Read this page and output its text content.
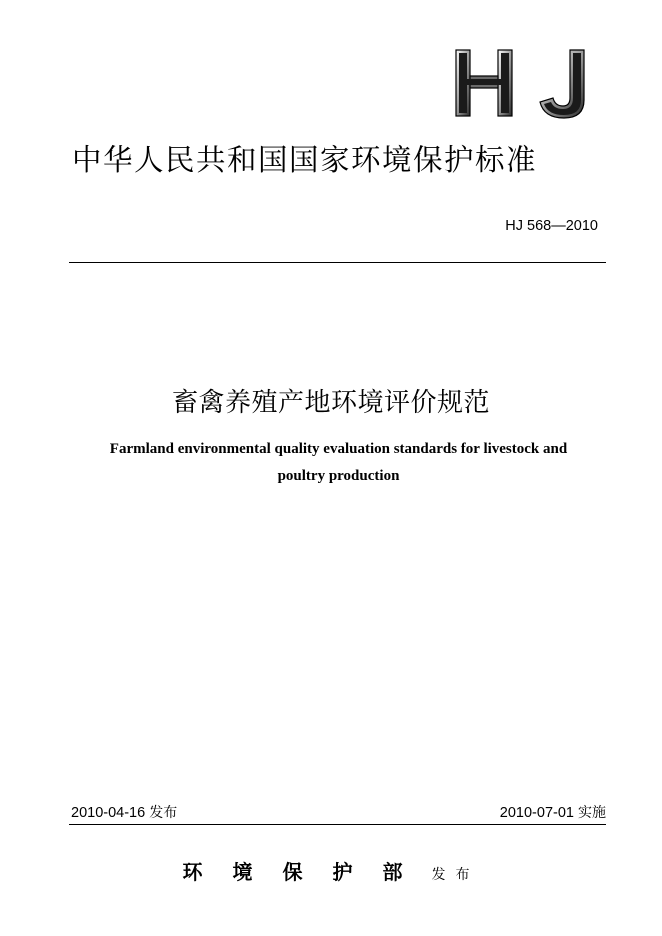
中华人民共和国国家环境保护标准
HJ 568—2010
畜禽养殖产地环境评价规范
Farmland environmental quality evaluation standards for livestock and
poultry production
2010-04-16 发布	2010-07-01 实施
环境保护部 发布
